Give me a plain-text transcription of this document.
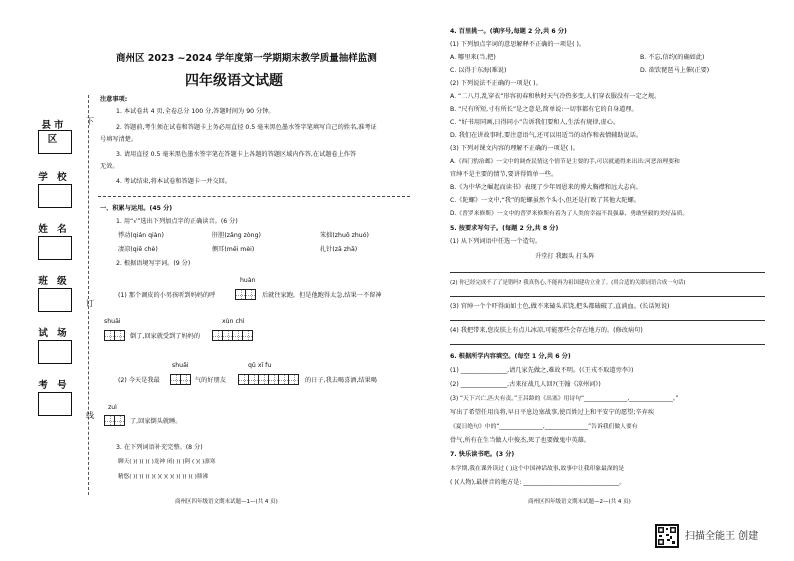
县市区
学 校
姓 名
班 级
试 场
考 号
下
订
线
商州区 2023 ~2024 学年度第一学期期末教学质量抽样监测
四年级语文试题
注意事项:
1. 本试卷共 4 页,全卷总分 100 分,答题时间为 90 分钟。
2. 答题前,考生须在试卷和答题卡上务必用直径 0.5 毫米黑色墨水签字笔填写自己的姓名,准考证
号填写清楚。
3. 请用直径 0.5 毫米黑色墨水签字笔在答题卡上各题的答题区域内作答,在试题卷上作答
无效。
4. 考试结束,将本试卷和答题卡一并交回。
一、积累与运用。(45 分)
1. 用“√”选出下列加点字的正确读音。(6 分)
悸动(qián qiàn)	肝胆(zǎng zòng)	笨拙(zhuō zhuó)
凄凉(qiē chè)	侧耳(měi mèi)	扎针(zā zhā)
2. 根据语境写字词。(9 分)
huàn
(1) 那个调皮的小男孩听到妈妈的呼	后就往家跑。但是他跑得太急,结果一不留神
shuāi	xùn chì
倒了,回家就受到了妈妈的
shuǎi	qǔ xī fu
(2) 今天是我最	气的好朋友	的日子,我去喝喜酒,结果喝
zuì
了,回家倒头就睡。
3. 在下列词语补充完整。(8 分)
聊天( )( )( )( )龙神 闭( )( )阿 ( )( )凛寒
精悠( )( )( )( )( )( )( )( )( )( )( )鼎沸
商州区四年级语文期末试题—1—(共 4 页)
4. 百里挑一。(填序号,每题 2 分,共 6 分)
(1) 下列加点字词的意思解释不正确的一项是( )。
A. 哪里来(当,把)	B. 不忘,信约(的确如此)
C. 以得于东海(难说)	D. 欲饮琵琶马上催(正要)
(2) 下列说法不正确的一项是( )。
A. “二八月,乱穿衣”形容初春和秋时天气冷热多变,人们穿衣服没有一定之规。
B. “尺有所短,寸有所长”是之意是,简单说:一切事都有它的自身道理。
C. “好书用同画,日得同小”告诉我们要和人,生活有规律,虚心。
D. 我们在讲故事时,要注意语气,还可以用适当的动作和表情辅助说话。
(3) 下列对课文内容的理解不正确的一项是( )。
A.《西门豹治邺》一文中的调查民情这个情节是主要的手,可以就通得来出出:河恶治理要和
官绅不是主要的情节,要讲得简单一些。
B.《为中华之崛起而读书》表现了少年周恩来的博大胸襟和远大志向。
C.《陀螺》一文中,“我”的陀螺虽然个头小,但还是打败了其他大陀螺。
D.《普罗米修斯》一文中的普罗米修斯有着为了人类的幸福不畏强暴、勇敢坚毅的美好品质。
5. 按要求写句子。(每题 2 分,共 8 分)
(1) 从下列词语中任选一个造句。
升堂打 我跟头 打头阵
(2) 你已经完成不了了是错吗? 我真伤心,不能再为祖国建功立业了。(用合适的关联词语合成一句话)
(3) 官绅一个个吓得面如土色,做不来磕头求饶,把头都磕破了,直淌血。(长话短说)
(4) 我把带来,您皮肤上有点儿冰凉,可能那些会存在地方的。(修改病句)
6. 根据所学内容填空。(每空 1 分,共 6 分)
(1) _______________,请几家先做之,难故不明。(《王戎不取道旁李》)
(2) _______________,古来征战几人回?(王翰《凉州词》)
(3) “天下兴亡,匹夫有责。”王昌龄的《出塞》用诗句“_______________,_______________。”
写出了希望任用良将,早日平息边塞战事,使百姓过上和平安宁的愿望;辛弃疾
《夏日绝句》中的“_______________,_______________”告诉我们做人要有
骨气,所有在生当做人中俊杰,死了也要做鬼中英雄。
7. 快乐读书吧。(3 分)
本学期,我在课外读过 ( )这个中国神话故事,故事中让我印象最深的是
( )(人物),最拼音的地方是: _______________________________。
商州区四年级语文期末试题—2—(共 4 页)
扫描全能王 创建
